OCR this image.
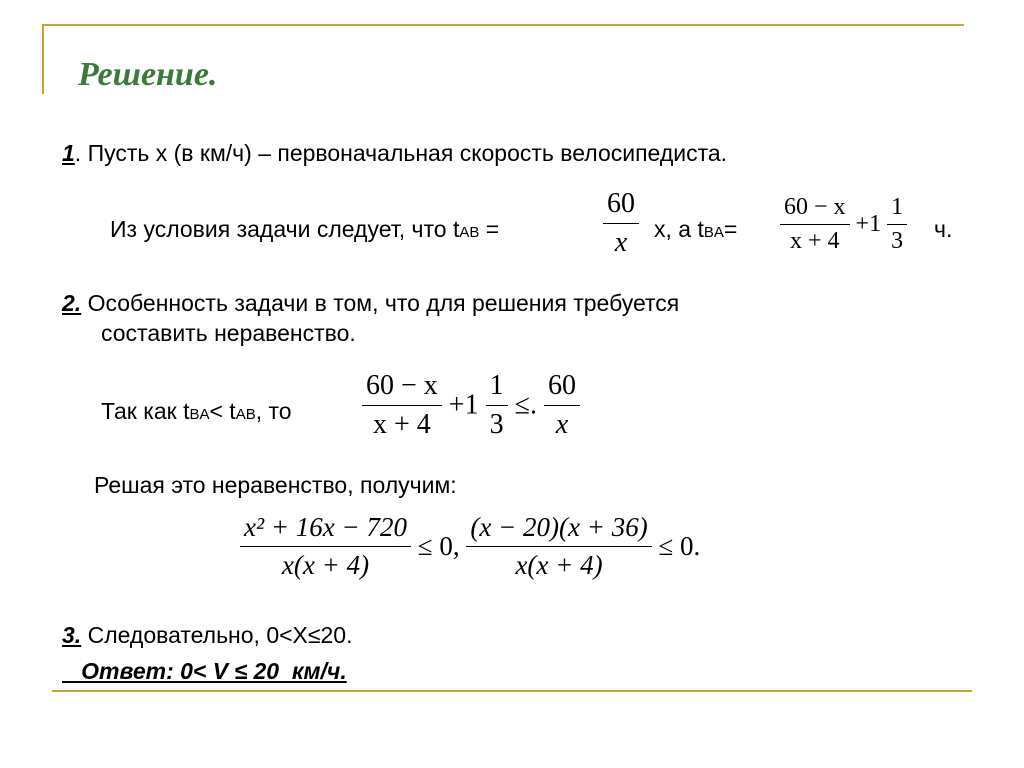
Решение.
1. Пусть x (в км/ч) – первоначальная скорость велосипедиста.
Из условия задачи следует, что tAB =	$\frac{60}{x} х$, а $tBA= \frac{60 - x}{x + 4} +1 \frac{1}{3} ч$.
2. Особенность задачи в том, что для решения требуется
составить неравенство.
Так как tBA< tAB, то	$\frac{60 - x}{x + 4} +1 \frac{1}{3}$ ≤. $\frac{60}{x}$
Решая это неравенство, получим:
$\frac{\text{x² + 16x − 720}}{x(x + 4)} \le 0$, $\frac{(x - 20)(x + 36)}{x(x + 4)} \le 0$.
3. Следовательно, 0<X≤20.
Ответ: 0< V ≤ 20  км/ч.
